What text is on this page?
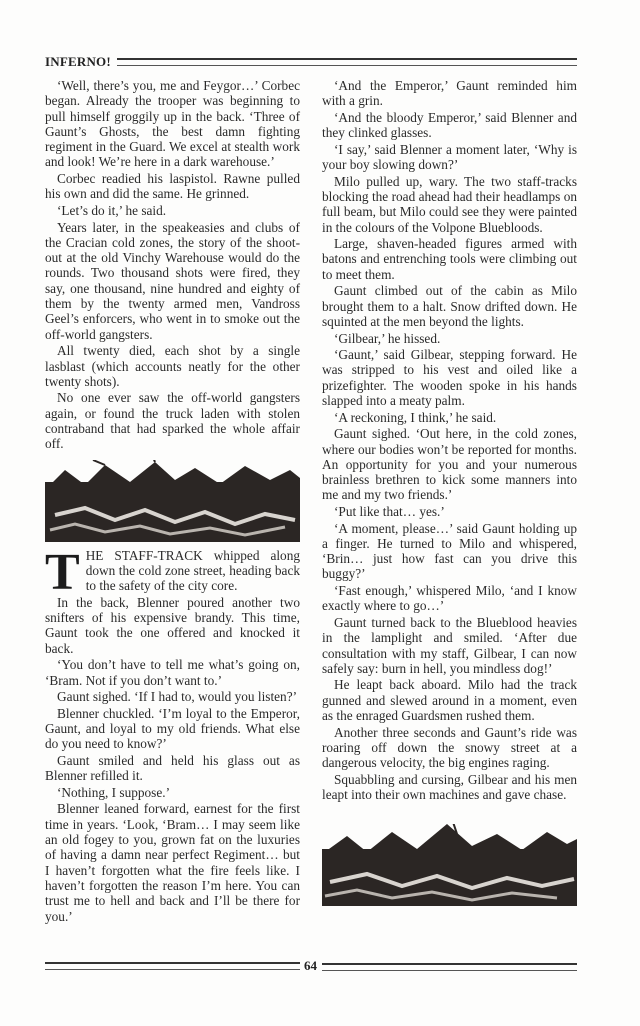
INFERNO!

‘Well, there’s you, me and Feygor…’ Corbec began. Already the trooper was beginning to pull himself groggily up in the back. ‘Three of Gaunt’s Ghosts, the best damn fighting regiment in the Guard. We excel at stealth work and look! We’re here in a dark warehouse.’

Corbec readied his laspistol. Rawne pulled his own and did the same. He grinned.

‘Let’s do it,’ he said.

Years later, in the speakeasies and clubs of the Cracian cold zones, the story of the shoot-out at the old Vinchy Warehouse would do the rounds. Two thousand shots were fired, they say, one thousand, nine hundred and eighty of them by the twenty armed men, Vandross Geel’s enforcers, who went in to smoke out the off-world gangsters.

All twenty died, each shot by a single lasblast (which accounts neatly for the other twenty shots).

No one ever saw the off-world gangsters again, or found the truck laden with stolen contraband that had sparked the whole affair off.

THE STAFF-TRACK whipped along down the cold zone street, heading back to the safety of the city core.

In the back, Blenner poured another two snifters of his expensive brandy. This time, Gaunt took the one offered and knocked it back.

‘You don’t have to tell me what’s going on, ‘Bram. Not if you don’t want to.’

Gaunt sighed. ‘If I had to, would you listen?’

Blenner chuckled. ‘I’m loyal to the Emperor, Gaunt, and loyal to my old friends. What else do you need to know?’

Gaunt smiled and held his glass out as Blenner refilled it.

‘Nothing, I suppose.’

Blenner leaned forward, earnest for the first time in years. ‘Look, ‘Bram… I may seem like an old fogey to you, grown fat on the luxuries of having a damn near perfect Regiment… but I haven’t forgotten what the fire feels like. I haven’t forgotten the reason I’m here. You can trust me to hell and back and I’ll be there for you.’

‘And the Emperor,’ Gaunt reminded him with a grin.

‘And the bloody Emperor,’ said Blenner and they clinked glasses.

‘I say,’ said Blenner a moment later, ‘Why is your boy slowing down?’

Milo pulled up, wary. The two staff-tracks blocking the road ahead had their headlamps on full beam, but Milo could see they were painted in the colours of the Volpone Bluebloods.

Large, shaven-headed figures armed with batons and entrenching tools were climbing out to meet them.

Gaunt climbed out of the cabin as Milo brought them to a halt. Snow drifted down. He squinted at the men beyond the lights.

‘Gilbear,’ he hissed.

‘Gaunt,’ said Gilbear, stepping forward. He was stripped to his vest and oiled like a prizefighter. The wooden spoke in his hands slapped into a meaty palm.

‘A reckoning, I think,’ he said.

Gaunt sighed. ‘Out here, in the cold zones, where our bodies won’t be reported for months. An opportunity for you and your numerous brainless brethren to kick some manners into me and my two friends.’

‘Put like that… yes.’

‘A moment, please…’ said Gaunt holding up a finger. He turned to Milo and whispered, ‘Brin… just how fast can you drive this buggy?’

‘Fast enough,’ whispered Milo, ‘and I know exactly where to go…’

Gaunt turned back to the Blueblood heavies in the lamplight and smiled. ‘After due consultation with my staff, Gilbear, I can now safely say: burn in hell, you mindless dog!’

He leapt back aboard. Milo had the track gunned and slewed around in a moment, even as the enraged Guardsmen rushed them.

Another three seconds and Gaunt’s ride was roaring off down the snowy street at a dangerous velocity, the big engines raging.

Squabbling and cursing, Gilbear and his men leapt into their own machines and gave chase.

64
